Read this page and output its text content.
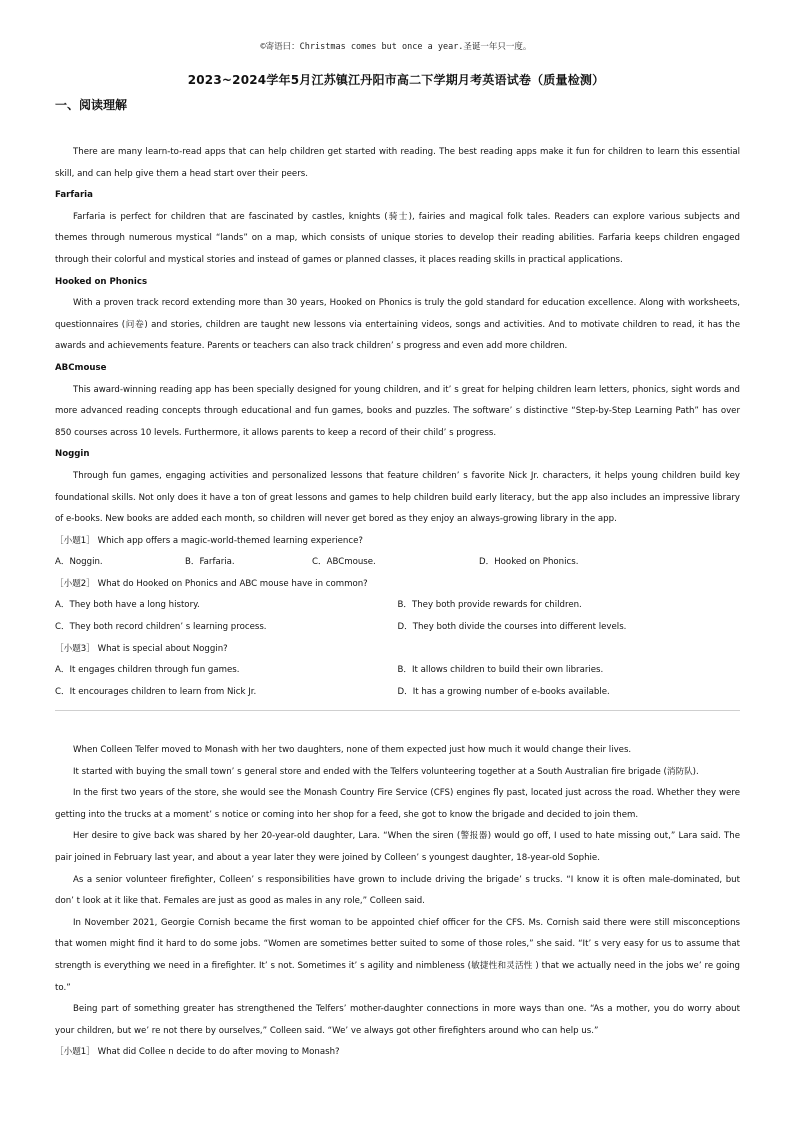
©寄语曰：Christmas comes but once a year.圣诞一年只一度。
2023~2024学年5月江苏镇江丹阳市高二下学期月考英语试卷（质量检测）
一、阅读理解

There are many learn-to-read apps that can help children get started with reading. The best reading apps make it fun for children to learn this essential skill, and can help give them a head start over their peers.

Farfaria

Farfaria is perfect for children that are fascinated by castles, knights (骑士), fairies and magical folk tales. Readers can explore various subjects and themes through numerous mystical “lands” on a map, which consists of unique stories to develop their reading abilities. Farfaria keeps children engaged through their colorful and mystical stories and instead of games or planned classes, it places reading skills in practical applications.

Hooked on Phonics

With a proven track record extending more than 30 years, Hooked on Phonics is truly the gold standard for education excellence. Along with worksheets, questionnaires (问卷) and stories, children are taught new lessons via entertaining videos, songs and activities. And to motivate children to read, it has the awards and achievements feature. Parents or teachers can also track children’ s progress and even add more children.

ABCmouse

This award-winning reading app has been specially designed for young children, and it’ s great for helping children learn letters, phonics, sight words and more advanced reading concepts through educational and fun games, books and puzzles. The software’ s distinctive “Step-by-Step Learning Path” has over 850 courses across 10 levels. Furthermore, it allows parents to keep a record of their child’ s progress.

Noggin

Through fun games, engaging activities and personalized lessons that feature children’ s favorite Nick Jr. characters, it helps young children build key foundational skills. Not only does it have a ton of great lessons and games to help children build early literacy, but the app also includes an impressive library of e-books. New books are added each month, so children will never get bored as they enjoy an always-growing library in the app.

［小题1］ Which app offers a magic-world-themed learning experience?

A．Noggin.	B．Farfaria.	C．ABCmouse.	D．Hooked on Phonics.

［小题2］ What do Hooked on Phonics and ABC mouse have in common?

A．They both have a long history.	B．They both provide rewards for children.
C．They both record children’ s learning process.	D．They both divide the courses into different levels.

［小题3］ What is special about Noggin?

A．It engages children through fun games.	B．It allows children to build their own libraries.
C．It encourages children to learn from Nick Jr.	D．It has a growing number of e-books available.

When Colleen Telfer moved to Monash with her two daughters, none of them expected just how much it would change their lives.

It started with buying the small town’ s general store and ended with the Telfers volunteering together at a South Australian fire brigade (消防队).

In the first two years of the store, she would see the Monash Country Fire Service (CFS) engines fly past, located just across the road. Whether they were getting into the trucks at a moment’ s notice or coming into her shop for a feed, she got to know the brigade and decided to join them.

Her desire to give back was shared by her 20-year-old daughter, Lara. “When the siren (警报器) would go off, I used to hate missing out,” Lara said. The pair joined in February last year, and about a year later they were joined by Colleen’ s youngest daughter, 18-year-old Sophie.

As a senior volunteer firefighter, Colleen’ s responsibilities have grown to include driving the brigade’ s trucks. “I know it is often male-dominated, but don’ t look at it like that. Females are just as good as males in any role,” Colleen said.

In November 2021, Georgie Cornish became the first woman to be appointed chief officer for the CFS. Ms. Cornish said there were still misconceptions that women might find it hard to do some jobs. “Women are sometimes better suited to some of those roles,” she said. “It’ s very easy for us to assume that strength is everything we need in a firefighter. It’ s not. Sometimes it’ s agility and nimbleness (敏捷性和灵活性 ) that we actually need in the jobs we’ re going to.”

Being part of something greater has strengthened the Telfers’ mother-daughter connections in more ways than one. “As a mother, you do worry about your children, but we’ re not there by ourselves,” Colleen said. “We’ ve always got other firefighters around who can help us.”

［小题1］ What did Collee n decide to do after moving to Monash?
